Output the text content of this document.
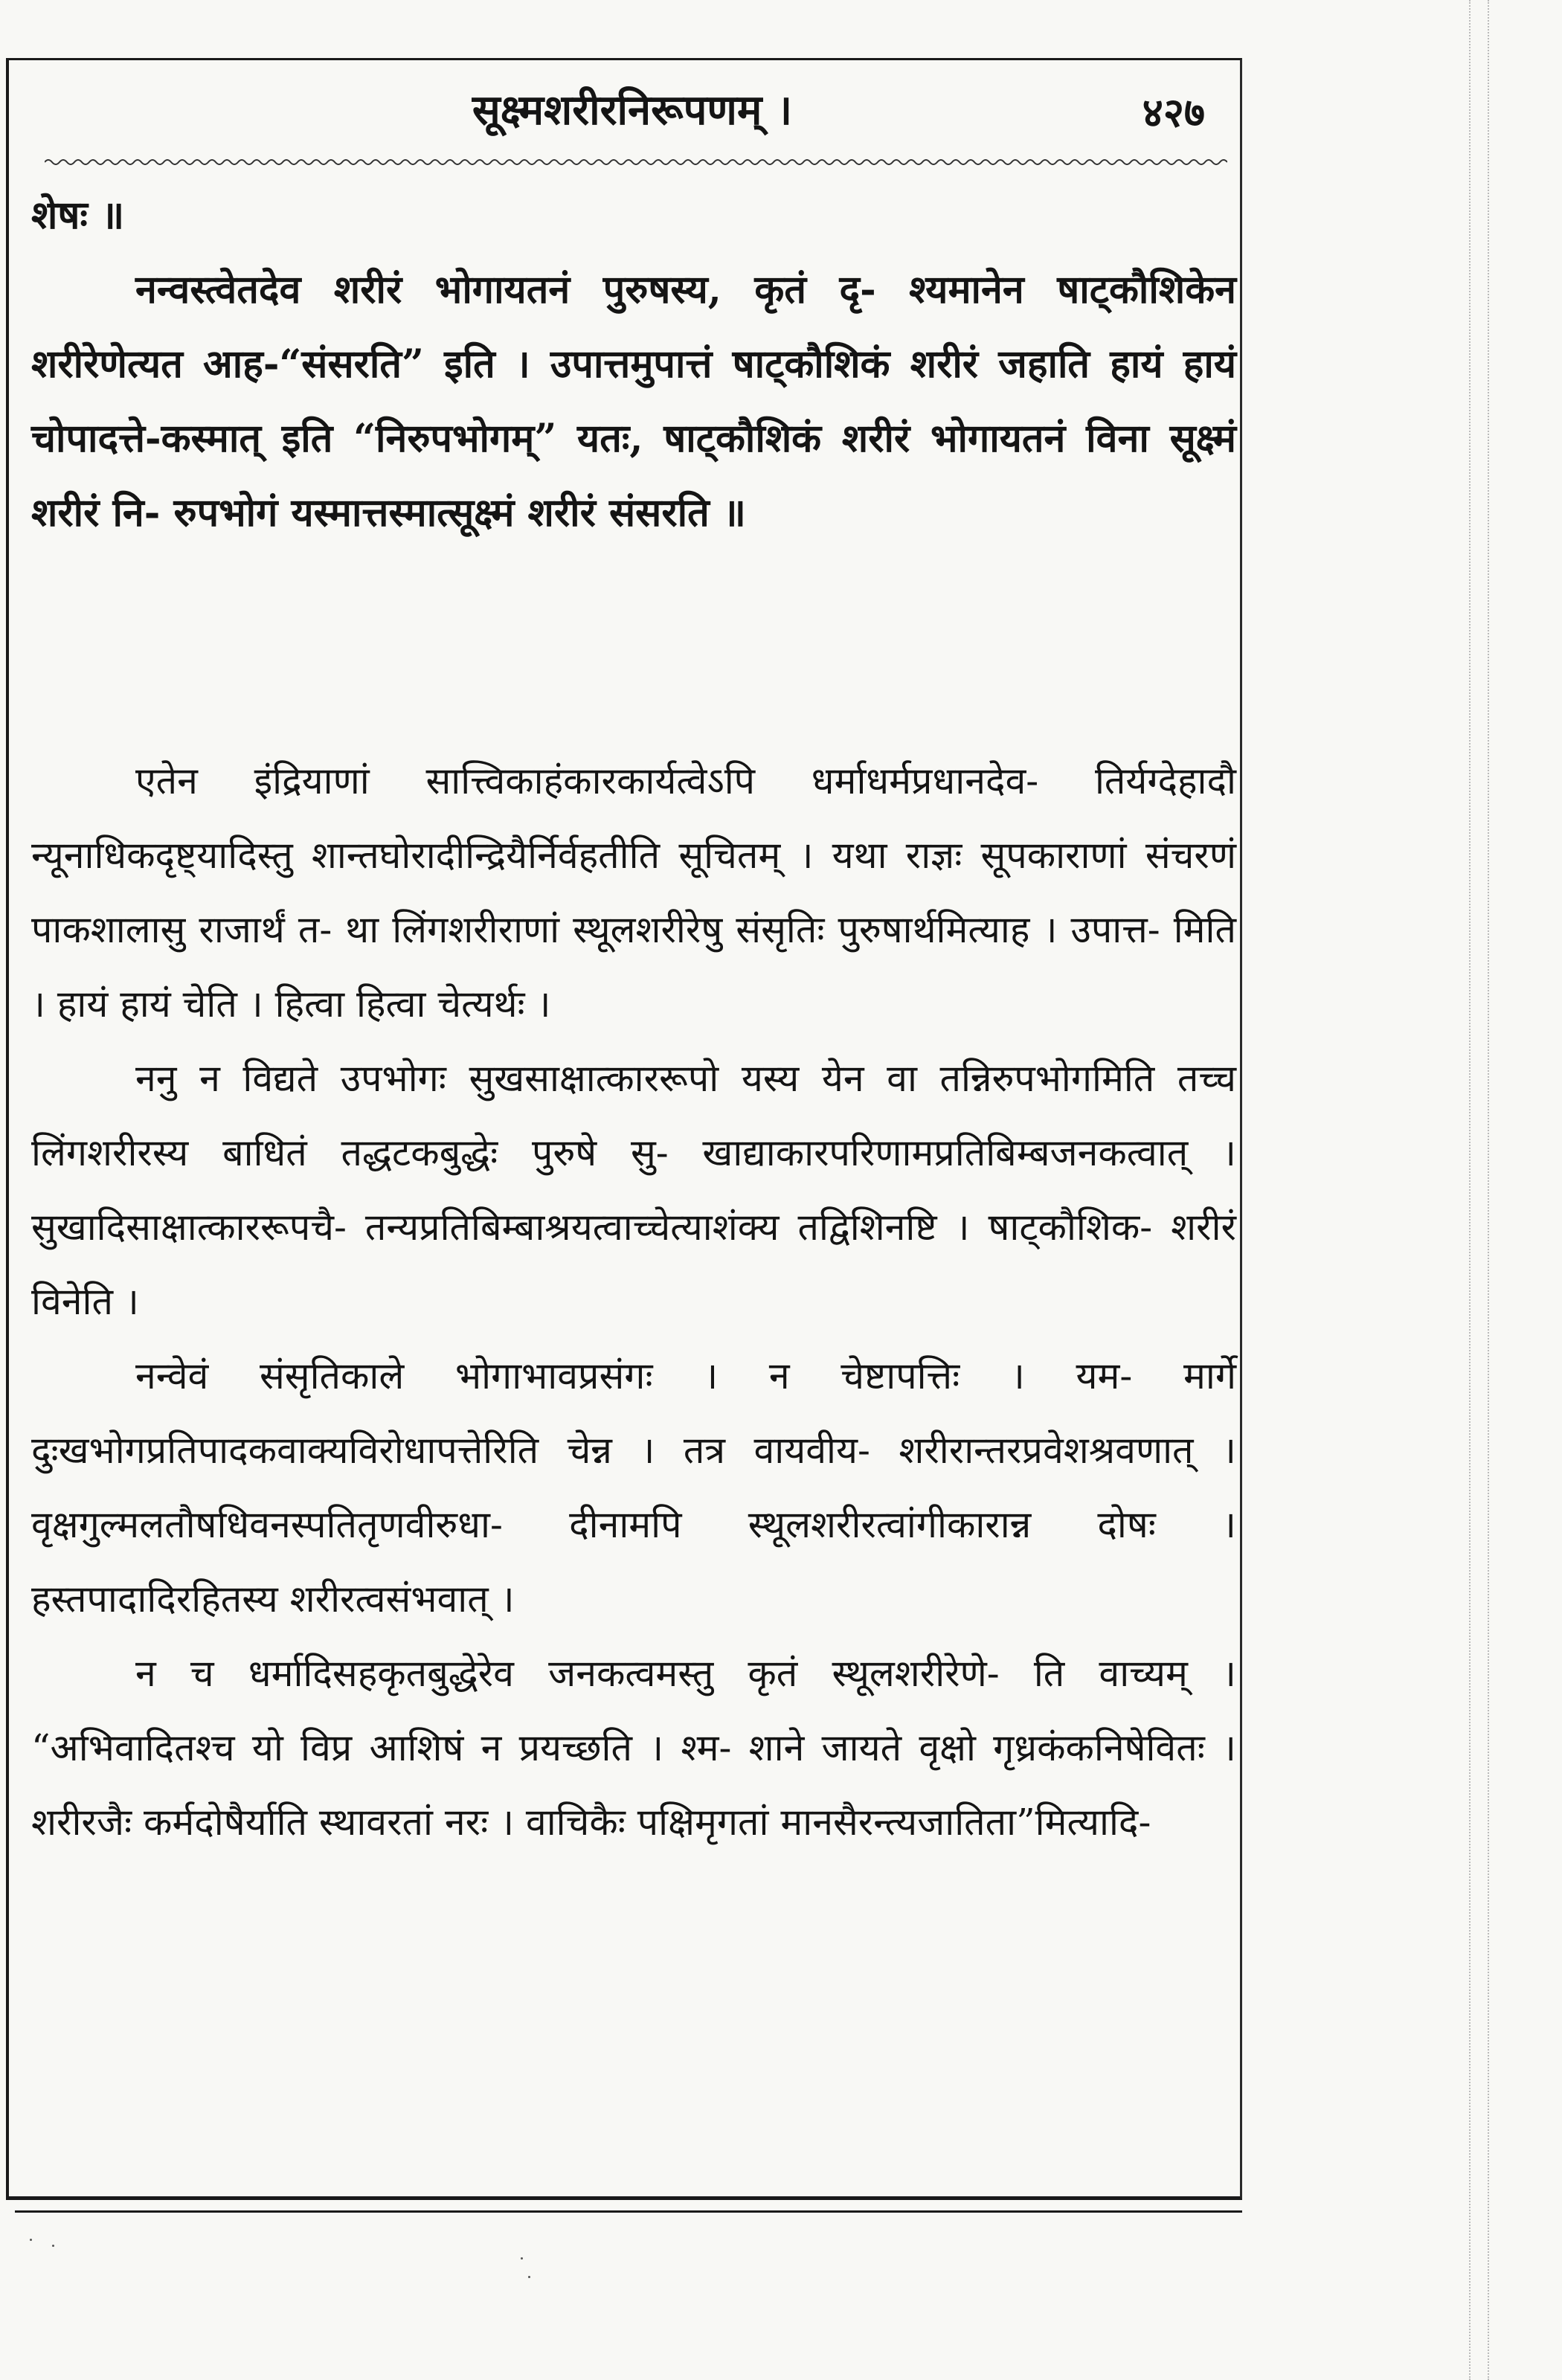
सूक्ष्मशरीरनिरूपणम् ।	४२७

शेषः ॥

नन्वस्त्वेतदेव शरीरं भोगायतनं पुरुषस्य, कृतं दृ- श्यमानेन षाट्कौशिकेन शरीरेणेत्यत आह-“संसरति” इति । उपात्तमुपात्तं षाट्कौशिकं शरीरं जहाति हायं हायं चोपादत्ते-कस्मात् इति “निरुपभोगम्” यतः, षाट्कौशिकं शरीरं भोगायतनं विना सूक्ष्मं शरीरं नि- रुपभोगं यस्मात्तस्मात्सूक्ष्मं शरीरं संसरति ॥

एतेन इंद्रियाणां सात्त्विकाहंकारकार्यत्वेऽपि धर्माधर्मप्रधानदेव- तिर्यग्देहादौ न्यूनाधिकदृष्ट्यादिस्तु शान्तघोरादीन्द्रियैर्निर्वहतीति सूचितम् । यथा राज्ञः सूपकाराणां संचरणं पाकशालासु राजार्थं त- था लिंगशरीराणां स्थूलशरीरेषु संसृतिः पुरुषार्थमित्याह । उपात्त- मिति । हायं हायं चेति । हित्वा हित्वा चेत्यर्थः ।

ननु न विद्यते उपभोगः सुखसाक्षात्काररूपो यस्य येन वा तन्निरुपभोगमिति तच्च लिंगशरीरस्य बाधितं तद्धटकबुद्धेः पुरुषे सु- खाद्याकारपरिणामप्रतिबिम्बजनकत्वात् । सुखादिसाक्षात्काररूपचै- तन्यप्रतिबिम्बाश्रयत्वाच्चेत्याशंक्य तद्विशिनष्टि । षाट्कौशिक- शरीरं विनेति ।

नन्वेवं संसृतिकाले भोगाभावप्रसंगः । न चेष्टापत्तिः । यम- मार्गे दुःखभोगप्रतिपादकवाक्यविरोधापत्तेरिति चेन्न । तत्र वायवीय- शरीरान्तरप्रवेशश्रवणात् । वृक्षगुल्मलतौषधिवनस्पतितृणवीरुधा- दीनामपि स्थूलशरीरत्वांगीकारान्न दोषः । हस्तपादादिरहितस्य शरीरत्वसंभवात् ।

न च धर्मादिसहकृतबुद्धेरेव जनकत्वमस्तु कृतं स्थूलशरीरेणे- ति वाच्यम् । “अभिवादितश्च यो विप्र आशिषं न प्रयच्छति । श्म- शाने जायते वृक्षो गृध्रकंकनिषेवितः । शरीरजैः कर्मदोषैर्याति स्थावरतां नरः । वाचिकैः पक्षिमृगतां मानसैरन्त्यजातिता”मित्यादि-
